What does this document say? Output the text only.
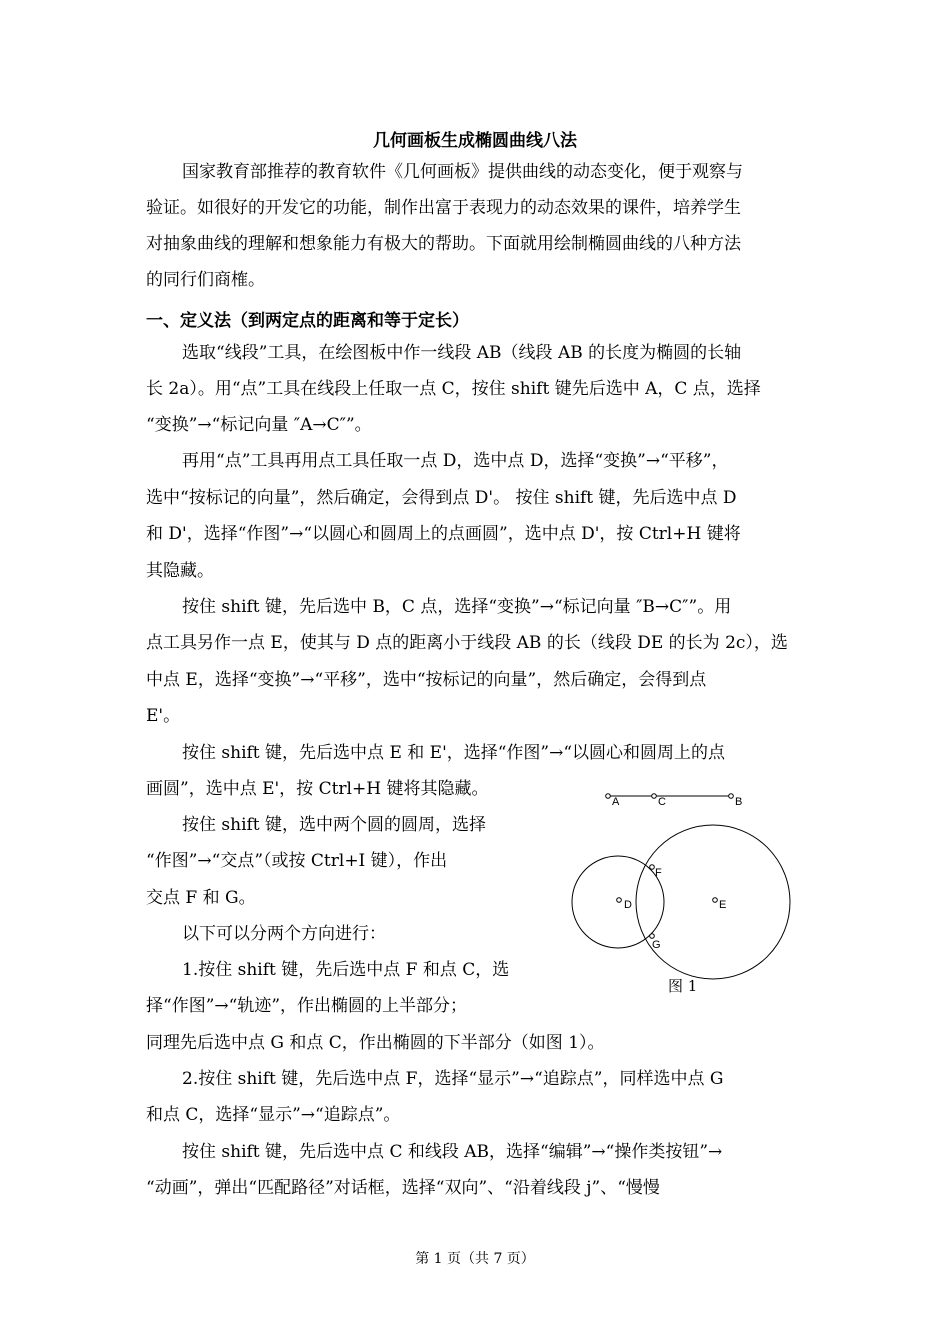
几何画板生成椭圆曲线八法
国家教育部推荐的教育软件《几何画板》提供曲线的动态变化，便于观察与
验证。如很好的开发它的功能，制作出富于表现力的动态效果的课件，培养学生
对抽象曲线的理解和想象能力有极大的帮助。下面就用绘制椭圆曲线的八种方法
的同行们商榷。
一、定义法（到两定点的距离和等于定长）
选取“线段”工具，在绘图板中作一线段 AB（线段 AB 的长度为椭圆的长轴
长 2a）。用“点”工具在线段上任取一点 C，按住 shift 键先后选中 A，C 点，选择
“变换”→“标记向量 ″A→C″”。
再用“点”工具再用点工具任取一点 D，选中点 D，选择“变换”→“平移”，
选中“按标记的向量”，然后确定，会得到点 D'。 按住 shift 键，先后选中点 D
和 D'，选择“作图”→“以圆心和圆周上的点画圆”，选中点 D'，按 Ctrl+H 键将
其隐藏。
按住 shift 键，先后选中 B，C 点，选择“变换”→“标记向量 ″B→C″”。用
点工具另作一点 E，使其与 D 点的距离小于线段 AB 的长（线段 DE 的长为 2c），选
中点 E，选择“变换”→“平移”，选中“按标记的向量”，然后确定，会得到点
E'。
按住 shift 键，先后选中点 E 和 E'，选择“作图”→“以圆心和圆周上的点
画圆”，选中点 E'，按 Ctrl+H 键将其隐藏。
按住 shift 键，选中两个圆的圆周，选择
“作图”→“交点”（或按 Ctrl+I 键），作出
交点 F 和 G。
以下可以分两个方向进行：
1.按住 shift 键，先后选中点 F 和点 C，选
择“作图”→“轨迹”，作出椭圆的上半部分；
同理先后选中点 G 和点 C，作出椭圆的下半部分（如图 1）。
2.按住 shift 键，先后选中点 F，选择“显示”→“追踪点”，同样选中点 G
和点 C，选择“显示”→“追踪点”。
按住 shift 键，先后选中点 C 和线段 AB，选择“编辑”→“操作类按钮”→
“动画”，弹出“匹配路径”对话框，选择“双向”、“沿着线段 j”、“慢慢
A	C	B
D	E
F
G
图 1
第 1 页（共 7 页）
